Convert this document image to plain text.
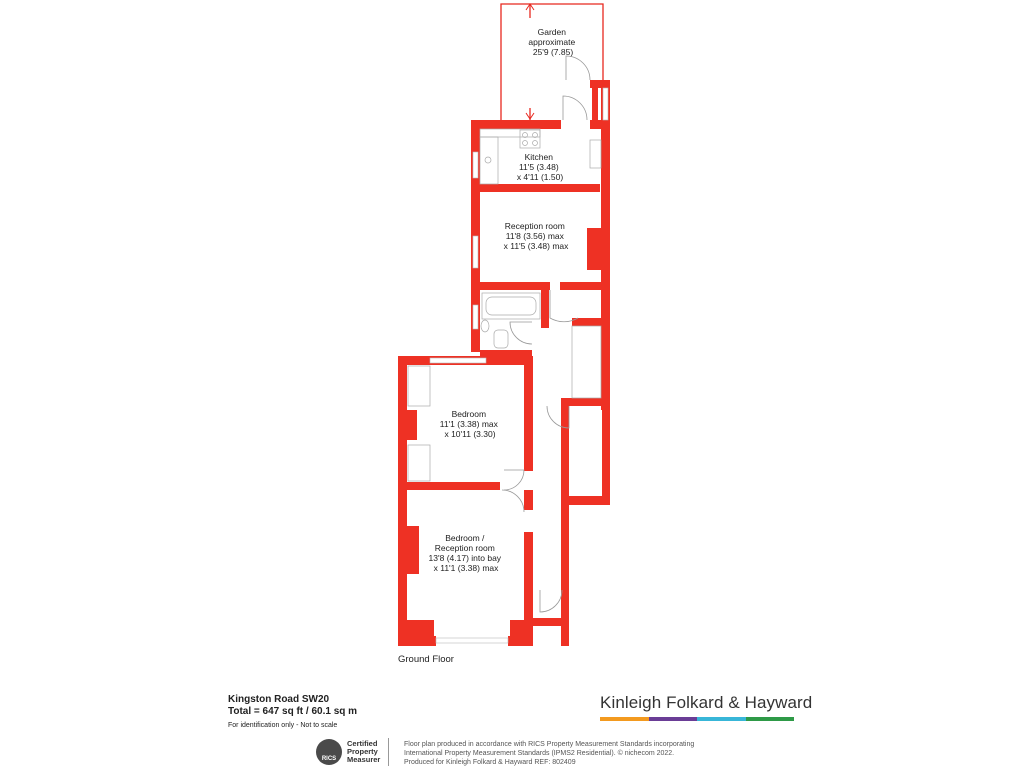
Garden approximate 25'9 (7.85)
Kitchen 11'5 (3.48) x 4'11 (1.50)
Reception room 11'8 (3.56) max x 11'5 (3.48) max
Bedroom 11'1 (3.38) max x 10'11 (3.30)
Bedroom / Reception room 13'8 (4.17) into bay x 11'1 (3.38) max
Ground Floor
Kingston Road SW20
Total = 647 sq ft / 60.1 sq m
For identification only - Not to scale
Kinleigh Folkard & Hayward
RICS
Certified
Property
Measurer
Floor plan produced in accordance with RICS Property Measurement Standards incorporating
International Property Measurement Standards (IPMS2 Residential). © nichecom 2022.
Produced for Kinleigh Folkard & Hayward REF: 802409
